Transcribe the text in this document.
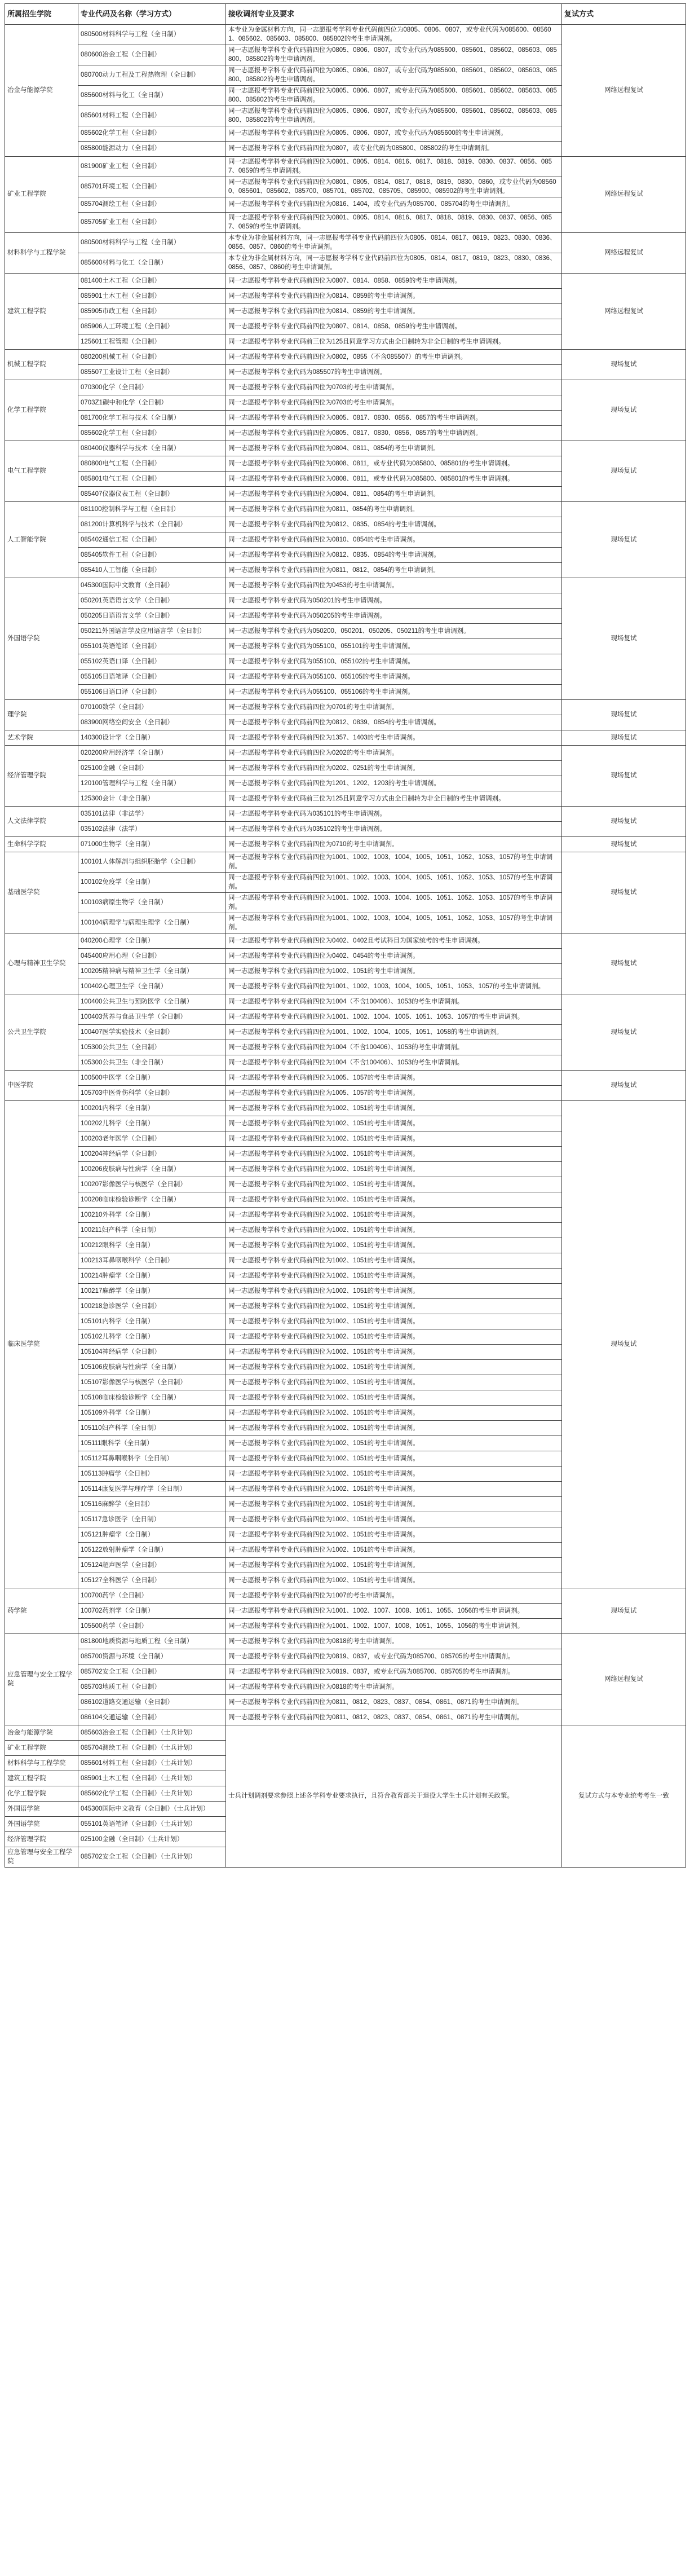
所属招生学院	专业代码及名称（学习方式）	接收调剂专业及要求	复试方式
冶金与能源学院	080500材料科学与工程（全日制）	本专业为金属材料方向，同一志愿报考学科专业代码前四位为0805、0806、0807，或专业代码为085600、085601、085602、085603、085800、085802的考生申请调剂。	网络远程复试
	080600冶金工程（全日制）	同一志愿报考学科专业代码前四位为0805、0806、0807，或专业代码为085600、085601、085602、085603、085800、085802的考生申请调剂。	
	080700动力工程及工程热物理（全日制）	同一志愿报考学科专业代码前四位为0805、0806、0807，或专业代码为085600、085601、085602、085603、085800、085802的考生申请调剂。	
	085600材料与化工（全日制）	同一志愿报考学科专业代码前四位为0805、0806、0807，或专业代码为085600、085601、085602、085603、085800、085802的考生申请调剂。	
	085601材料工程（全日制）	同一志愿报考学科专业代码前四位为0805、0806、0807，或专业代码为085600、085601、085602、085603、085800、085802的考生申请调剂。	
	085602化学工程（全日制）	同一志愿报考学科专业代码前四位为0805、0806、0807，或专业代码为085600的考生申请调剂。	
	085800能源动力（全日制）	同一志愿报考学科专业代码前四位为0807，或专业代码为085800、085802的考生申请调剂。	
矿业工程学院	081900矿业工程（全日制）	同一志愿报考学科专业代码前四位为0801、0805、0814、0816、0817、0818、0819、0830、0837、0856、0857、0859的考生申请调剂。	网络远程复试
	085701环境工程（全日制）	同一志愿报考学科专业代码前四位为0801、0805、0814、0817、0818、0819、0830、0860，或专业代码为085600、085601、085602、085700、085701、085702、085705、085900、085902的考生申请调剂。	
	085704测绘工程（全日制）	同一志愿报考学科专业代码前四位为0816、1404，或专业代码为085700、085704的考生申请调剂。	
	085705矿业工程（全日制）	同一志愿报考学科专业代码前四位为0801、0805、0814、0816、0817、0818、0819、0830、0837、0856、0857、0859的考生申请调剂。	
材料科学与工程学院	080500材料科学与工程（全日制）	本专业为非金属材料方向，同一志愿报考学科专业代码前四位为0805、0814、0817、0819、0823、0830、0836、0856、0857、0860的考生申请调剂。	网络远程复试
	085600材料与化工（全日制）	本专业为非金属材料方向，同一志愿报考学科专业代码前四位为0805、0814、0817、0819、0823、0830、0836、0856、0857、0860的考生申请调剂。	
建筑工程学院	081400土木工程（全日制）	同一志愿报考学科专业代码前四位为0807、0814、0858、0859的考生申请调剂。	网络远程复试
	085901土木工程（全日制）	同一志愿报考学科专业代码前四位为0814、0859的考生申请调剂。	
	085905市政工程（全日制）	同一志愿报考学科专业代码前四位为0814、0859的考生申请调剂。	
	085906人工环境工程（全日制）	同一志愿报考学科专业代码前四位为0807、0814、0858、0859的考生申请调剂。	
	125601工程管理（全日制）	同一志愿报考学科专业代码前三位为125且同意学习方式由全日制转为非全日制的考生申请调剂。	
机械工程学院	080200机械工程（全日制）	同一志愿报考学科专业代码前四位为0802，0855（不含085507）的考生申请调剂。	现场复试
	085507工业设计工程（全日制）	同一志愿报考学科专业代码为085507的考生申请调剂。	
化学工程学院	070300化学（全日制）	同一志愿报考学科专业代码前四位为0703的考生申请调剂。	现场复试
	0703Z1碳中和化学（全日制）	同一志愿报考学科专业代码前四位为0703的考生申请调剂。	
	081700化学工程与技术（全日制）	同一志愿报考学科专业代码前四位为0805、0817、0830、0856、0857的考生申请调剂。	
	085602化学工程（全日制）	同一志愿报考学科专业代码前四位为0805、0817、0830、0856、0857的考生申请调剂。	
电气工程学院	080400仪器科学与技术（全日制）	同一志愿报考学科专业代码前四位为0804、0811、0854的考生申请调剂。	现场复试
	080800电气工程（全日制）	同一志愿报考学科专业代码前四位为0808、0811，或专业代码为085800、085801的考生申请调剂。	
	085801电气工程（全日制）	同一志愿报考学科专业代码前四位为0808、0811，或专业代码为085800、085801的考生申请调剂。	
	085407仪器仪表工程（全日制）	同一志愿报考学科专业代码前四位为0804、0811、0854的考生申请调剂。	
人工智能学院	081100控制科学与工程（全日制）	同一志愿报考学科专业代码前四位为0811、0854的考生申请调剂。	现场复试
	081200计算机科学与技术（全日制）	同一志愿报考学科专业代码前四位为0812、0835、0854的考生申请调剂。	
	085402通信工程（全日制）	同一志愿报考学科专业代码前四位为0810、0854的考生申请调剂。	
	085405软件工程（全日制）	同一志愿报考学科专业代码前四位为0812、0835、0854的考生申请调剂。	
	085410人工智能（全日制）	同一志愿报考学科专业代码前四位为0811、0812、0854的考生申请调剂。	
外国语学院	045300国际中文教育（全日制）	同一志愿报考学科专业代码前四位为0453的考生申请调剂。	现场复试
	050201英语语言文学（全日制）	同一志愿报考学科专业代码为050201的考生申请调剂。	
	050205日语语言文学（全日制）	同一志愿报考学科专业代码为050205的考生申请调剂。	
	050211外国语言学及应用语言学（全日制）	同一志愿报考学科专业代码为050200、050201、050205、050211的考生申请调剂。	
	055101英语笔译（全日制）	同一志愿报考学科专业代码为055100、055101的考生申请调剂。	
	055102英语口译（全日制）	同一志愿报考学科专业代码为055100、055102的考生申请调剂。	
	055105日语笔译（全日制）	同一志愿报考学科专业代码为055100、055105的考生申请调剂。	
	055106日语口译（全日制）	同一志愿报考学科专业代码为055100、055106的考生申请调剂。	
理学院	070100数学（全日制）	同一志愿报考学科专业代码前四位为0701的考生申请调剂。	现场复试
	083900网络空间安全（全日制）	同一志愿报考学科专业代码前四位为0812、0839、0854的考生申请调剂。	
艺术学院	140300设计学（全日制）	同一志愿报考学科专业代码前四位为1357、1403的考生申请调剂。	现场复试
经济管理学院	020200应用经济学（全日制）	同一志愿报考学科专业代码前四位为0202的考生申请调剂。	现场复试
	025100金融（全日制）	同一志愿报考学科专业代码前四位为0202、0251的考生申请调剂。	
	120100管理科学与工程（全日制）	同一志愿报考学科专业代码前四位为1201、1202、1203的考生申请调剂。	
	125300会计（非全日制）	同一志愿报考学科专业代码前三位为125且同意学习方式由全日制转为非全日制的考生申请调剂。	
人文法律学院	035101法律（非法学）	同一志愿报考学科专业代码为035101的考生申请调剂。	现场复试
	035102法律（法学）	同一志愿报考学科专业代码为035102的考生申请调剂。	
生命科学学院	071000生物学（全日制）	同一志愿报考学科专业代码前四位为0710的考生申请调剂。	现场复试
基础医学院	100101人体解剖与组织胚胎学（全日制）	同一志愿报考学科专业代码前四位为1001、1002、1003、1004、1005、1051、1052、1053、1057的考生申请调剂。	现场复试
	100102免疫学（全日制）	同一志愿报考学科专业代码前四位为1001、1002、1003、1004、1005、1051、1052、1053、1057的考生申请调剂。	
	100103病原生物学（全日制）	同一志愿报考学科专业代码前四位为1001、1002、1003、1004、1005、1051、1052、1053、1057的考生申请调剂。	
	100104病理学与病理生理学（全日制）	同一志愿报考学科专业代码前四位为1001、1002、1003、1004、1005、1051、1052、1053、1057的考生申请调剂。	
心理与精神卫生学院	040200心理学（全日制）	同一志愿报考学科专业代码前四位为0402、0402且考试科目为国家统考的考生申请调剂。	现场复试
	045400应用心理（全日制）	同一志愿报考学科专业代码前四位为0402、0454的考生申请调剂。	
	100205精神病与精神卫生学（全日制）	同一志愿报考学科专业代码前四位为1002、1051的考生申请调剂。	
	100402心理卫生学（全日制）	同一志愿报考学科专业代码前四位为1001、1002、1003、1004、1005、1051、1053、1057的考生申请调剂。	
公共卫生学院	100400公共卫生与预防医学（全日制）	同一志愿报考学科专业代码前四位为1004（不含100406）、1053的考生申请调剂。	现场复试
	100403营养与食品卫生学（全日制）	同一志愿报考学科专业代码前四位为1001、1002、1004、1005、1051、1053、1057的考生申请调剂。	
	100407医学实验技术（全日制）	同一志愿报考学科专业代码前四位为1001、1002、1004、1005、1051、1058的考生申请调剂。	
	105300公共卫生（全日制）	同一志愿报考学科专业代码前四位为1004（不含100406）、1053的考生申请调剂。	
	105300公共卫生（非全日制）	同一志愿报考学科专业代码前四位为1004（不含100406）、1053的考生申请调剂。	
中医学院	100500中医学（全日制）	同一志愿报考学科专业代码前四位为1005、1057的考生申请调剂。	现场复试
	105703中医骨伤科学（全日制）	同一志愿报考学科专业代码前四位为1005、1057的考生申请调剂。	
临床医学院	100201内科学（全日制）	同一志愿报考学科专业代码前四位为1002、1051的考生申请调剂。	现场复试
	100202儿科学（全日制）	同一志愿报考学科专业代码前四位为1002、1051的考生申请调剂。	
	100203老年医学（全日制）	同一志愿报考学科专业代码前四位为1002、1051的考生申请调剂。	
	100204神经病学（全日制）	同一志愿报考学科专业代码前四位为1002、1051的考生申请调剂。	
	100206皮肤病与性病学（全日制）	同一志愿报考学科专业代码前四位为1002、1051的考生申请调剂。	
	100207影像医学与核医学（全日制）	同一志愿报考学科专业代码前四位为1002、1051的考生申请调剂。	
	100208临床检验诊断学（全日制）	同一志愿报考学科专业代码前四位为1002、1051的考生申请调剂。	
	100210外科学（全日制）	同一志愿报考学科专业代码前四位为1002、1051的考生申请调剂。	
	100211妇产科学（全日制）	同一志愿报考学科专业代码前四位为1002、1051的考生申请调剂。	
	100212眼科学（全日制）	同一志愿报考学科专业代码前四位为1002、1051的考生申请调剂。	
	100213耳鼻咽喉科学（全日制）	同一志愿报考学科专业代码前四位为1002、1051的考生申请调剂。	
	100214肿瘤学（全日制）	同一志愿报考学科专业代码前四位为1002、1051的考生申请调剂。	
	100217麻醉学（全日制）	同一志愿报考学科专业代码前四位为1002、1051的考生申请调剂。	
	100218急诊医学（全日制）	同一志愿报考学科专业代码前四位为1002、1051的考生申请调剂。	
	105101内科学（全日制）	同一志愿报考学科专业代码前四位为1002、1051的考生申请调剂。	
	105102儿科学（全日制）	同一志愿报考学科专业代码前四位为1002、1051的考生申请调剂。	
	105104神经病学（全日制）	同一志愿报考学科专业代码前四位为1002、1051的考生申请调剂。	
	105106皮肤病与性病学（全日制）	同一志愿报考学科专业代码前四位为1002、1051的考生申请调剂。	
	105107影像医学与核医学（全日制）	同一志愿报考学科专业代码前四位为1002、1051的考生申请调剂。	
	105108临床检验诊断学（全日制）	同一志愿报考学科专业代码前四位为1002、1051的考生申请调剂。	
	105109外科学（全日制）	同一志愿报考学科专业代码前四位为1002、1051的考生申请调剂。	
	105110妇产科学（全日制）	同一志愿报考学科专业代码前四位为1002、1051的考生申请调剂。	
	105111眼科学（全日制）	同一志愿报考学科专业代码前四位为1002、1051的考生申请调剂。	
	105112耳鼻咽喉科学（全日制）	同一志愿报考学科专业代码前四位为1002、1051的考生申请调剂。	
	105113肿瘤学（全日制）	同一志愿报考学科专业代码前四位为1002、1051的考生申请调剂。	
	105114康复医学与理疗学（全日制）	同一志愿报考学科专业代码前四位为1002、1051的考生申请调剂。	
	105116麻醉学（全日制）	同一志愿报考学科专业代码前四位为1002、1051的考生申请调剂。	
	105117急诊医学（全日制）	同一志愿报考学科专业代码前四位为1002、1051的考生申请调剂。	
	105121肿瘤学（全日制）	同一志愿报考学科专业代码前四位为1002、1051的考生申请调剂。	
	105122放射肿瘤学（全日制）	同一志愿报考学科专业代码前四位为1002、1051的考生申请调剂。	
	105124超声医学（全日制）	同一志愿报考学科专业代码前四位为1002、1051的考生申请调剂。	
	105127全科医学（全日制）	同一志愿报考学科专业代码前四位为1002、1051的考生申请调剂。	
药学院	100700药学（全日制）	同一志愿报考学科专业代码前四位为1007的考生申请调剂。	现场复试
	100702药剂学（全日制）	同一志愿报考学科专业代码前四位为1001、1002、1007、1008、1051、1055、1056的考生申请调剂。	
	105500药学（全日制）	同一志愿报考学科专业代码前四位为1001、1002、1007、1008、1051、1055、1056的考生申请调剂。	
应急管理与安全工程学院	081800地质资源与地质工程（全日制）	同一志愿报考学科专业代码前四位为0818的考生申请调剂。	网络远程复试
	085700资源与环境（全日制）	同一志愿报考学科专业代码前四位为0819、0837，或专业代码为085700、085705的考生申请调剂。	
	085702安全工程（全日制）	同一志愿报考学科专业代码前四位为0819、0837，或专业代码为085700、085705的考生申请调剂。	
	085703地质工程（全日制）	同一志愿报考学科专业代码前四位为0818的考生申请调剂。	
	086102道路交通运输（全日制）	同一志愿报考学科专业代码前四位为0811、0812、0823、0837、0854、0861、0871的考生申请调剂。	
	086104交通运输（全日制）	同一志愿报考学科专业代码前四位为0811、0812、0823、0837、0854、0861、0871的考生申请调剂。	
冶金与能源学院	085603冶金工程（全日制）（士兵计划）	士兵计划调剂要求参照上述各学科专业要求执行，且符合教育部关于退役大学生士兵计划有关政策。	复试方式与本专业统考考生一致
矿业工程学院	085704测绘工程（全日制）（士兵计划）		
材料科学与工程学院	085601材料工程（全日制）（士兵计划）		
建筑工程学院	085901土木工程（全日制）（士兵计划）		
化学工程学院	085602化学工程（全日制）（士兵计划）		
外国语学院	045300国际中文教育（全日制）（士兵计划）		
外国语学院	055101英语笔译（全日制）（士兵计划）		
经济管理学院	025100金融（全日制）（士兵计划）		
应急管理与安全工程学院	085702安全工程（全日制）（士兵计划）		
